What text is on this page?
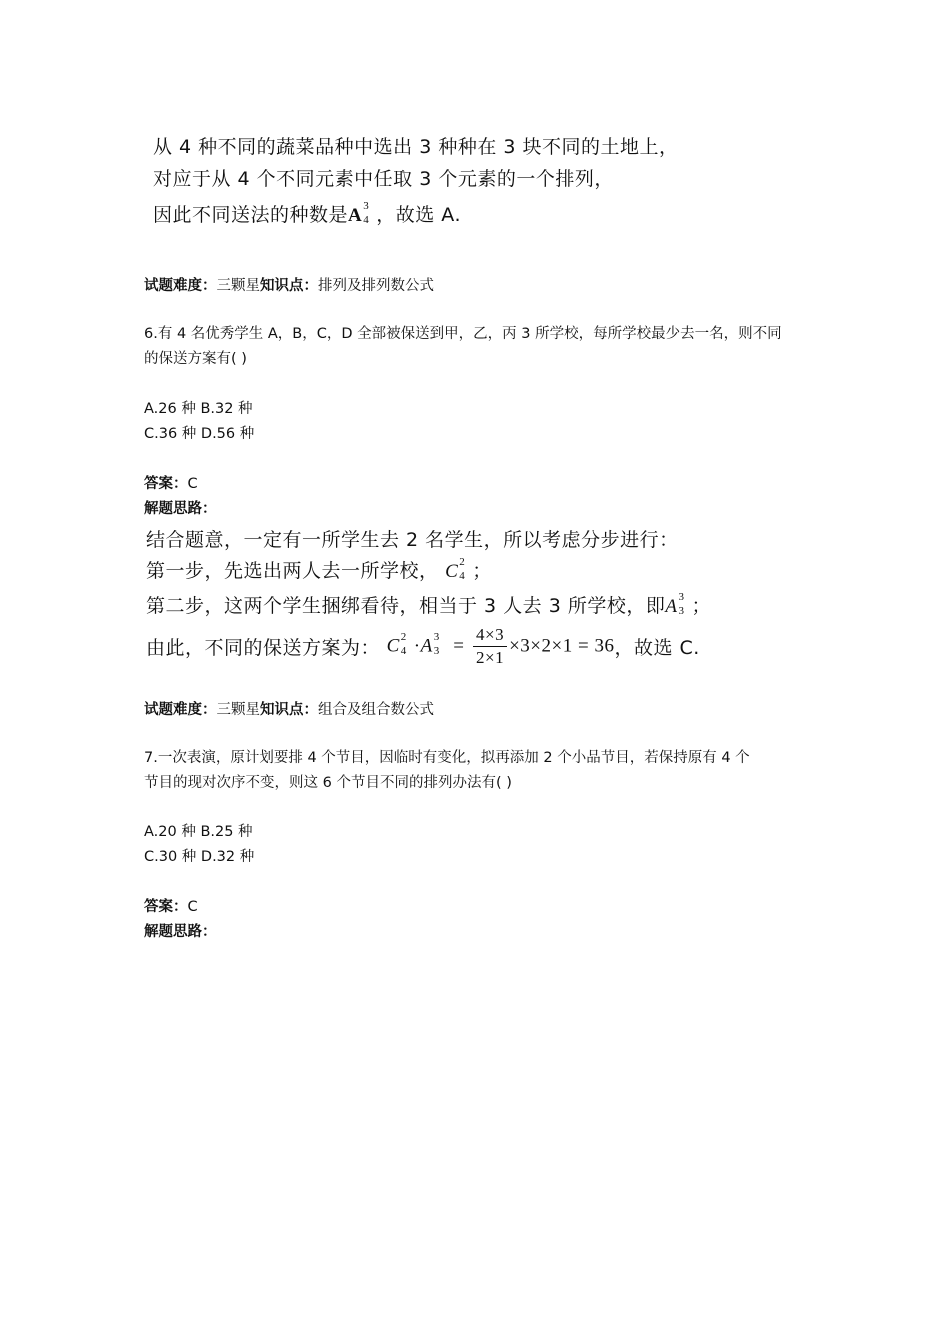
从 4 种不同的蔬菜品种中选出 3 种种在 3 块不同的土地上，
对应于从 4 个不同元素中任取 3 个元素的一个排列，
因此不同送法的种数是A 3
4 ，故选 A.
试题难度：三颗星知识点：排列及排列数公式
6.有 4 名优秀学生 A，B，C，D 全部被保送到甲，乙，丙 3 所学校，每所学校最少去一名，则不同
的保送方案有( )
A.26 种 B.32 种
C.36 种 D.56 种
答案：C
解题思路：
结合题意，一定有一所学生去 2 名学生，所以考虑分步进行：
第一步，先选出两人去一所学校， C 2
4 ；
第二步，这两个学生捆绑看待，相当于 3 人去 3 所学校，即A 3
3 ；
由此，不同的保送方案为： C 2
4 ·A 3
$3 = \frac{4\times 3}{2\times 1} \times 3\times 2\times 1 = 36$，故选 C.
试题难度：三颗星知识点：组合及组合数公式
7.一次表演，原计划要排 4 个节目，因临时有变化，拟再添加 2 个小品节目，若保持原有 4 个
节目的现对次序不变，则这 6 个节目不同的排列办法有( )
A.20 种 B.25 种
C.30 种 D.32 种
答案：C
解题思路：
